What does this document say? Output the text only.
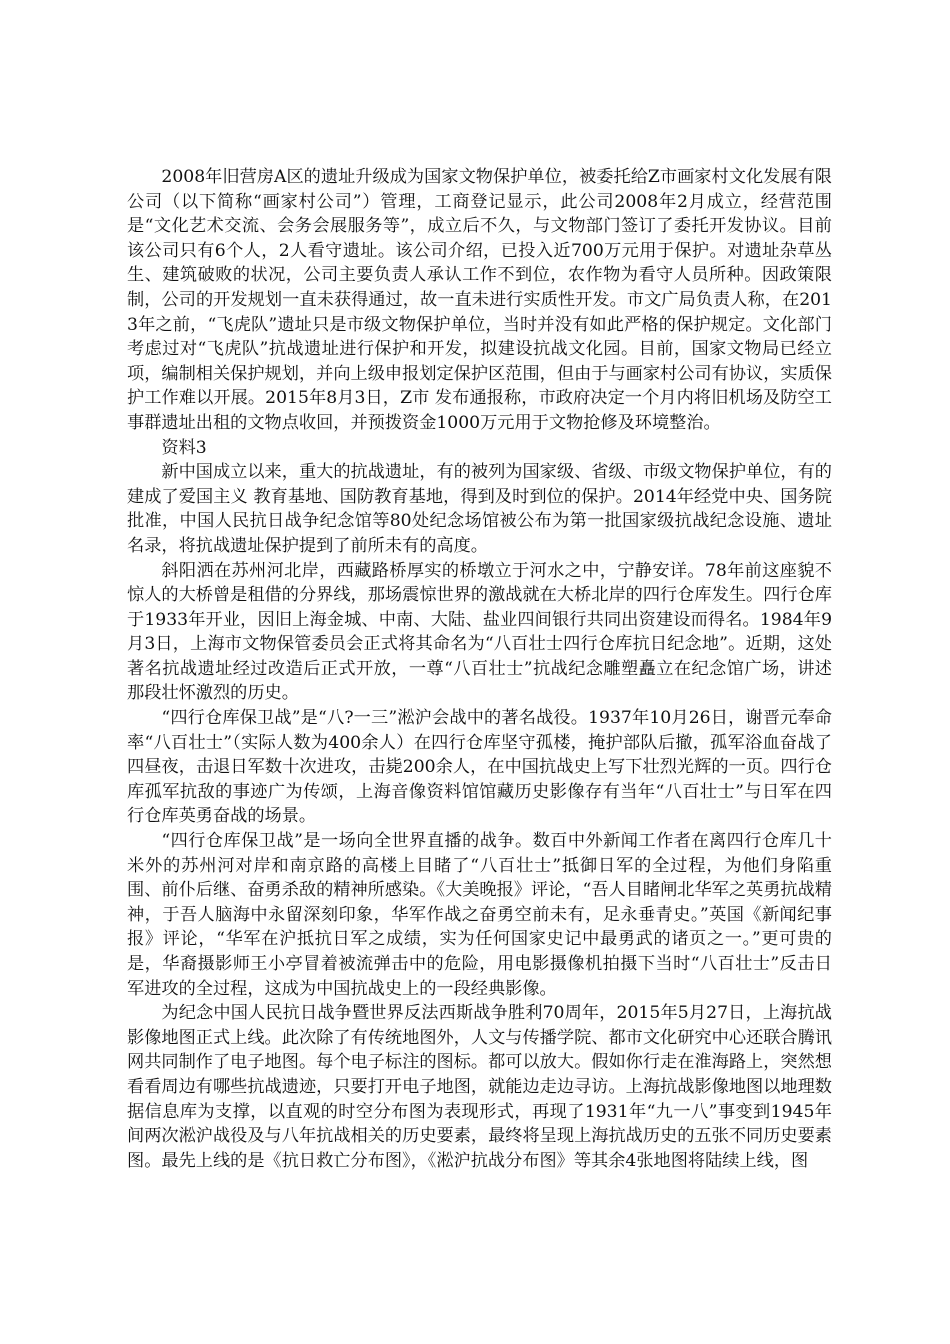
2008年旧营房A区的遗址升级成为国家文物保护单位，被委托给Z市画家村文化发展有限公司（以下简称“画家村公司”）管理，工商登记显示，此公司2008年2月成立，经营范围是“文化艺术交流、会务会展服务等”，成立后不久，与文物部门签订了委托开发协议。目前该公司只有6个人，2人看守遗址。该公司介绍，已投入近700万元用于保护。对遗址杂草丛生、建筑破败的状况，公司主要负责人承认工作不到位，农作物为看守人员所种。因政策限制，公司的开发规划一直未获得通过，故一直未进行实质性开发。市文广局负责人称，在2013年之前，“飞虎队”遗址只是市级文物保护单位，当时并没有如此严格的保护规定。文化部门考虑过对“飞虎队”抗战遗址进行保护和开发，拟建设抗战文化园。目前，国家文物局已经立项，编制相关保护规划，并向上级申报划定保护区范围，但由于与画家村公司有协议，实质保护工作难以开展。2015年8月3日，Z市 发布通报称，市政府决定一个月内将旧机场及防空工事群遗址出租的文物点收回，并预拨资金1000万元用于文物抢修及环境整治。

资料3

新中国成立以来，重大的抗战遗址，有的被列为国家级、省级、市级文物保护单位，有的建成了爱国主义 教育基地、国防教育基地，得到及时到位的保护。2014年经党中央、国务院批准，中国人民抗日战争纪念馆等80处纪念场馆被公布为第一批国家级抗战纪念设施、遗址名录，将抗战遗址保护提到了前所未有的高度。

斜阳洒在苏州河北岸，西藏路桥厚实的桥墩立于河水之中，宁静安详。78年前这座貌不惊人的大桥曾是租借的分界线，那场震惊世界的激战就在大桥北岸的四行仓库发生。四行仓库于1933年开业，因旧上海金城、中南、大陆、盐业四间银行共同出资建设而得名。1984年9月3日，上海市文物保管委员会正式将其命名为“八百壮士四行仓库抗日纪念地”。近期，这处著名抗战遗址经过改造后正式开放，一尊“八百壮士”抗战纪念雕塑矗立在纪念馆广场，讲述那段壮怀激烈的历史。

“四行仓库保卫战”是“八?一三”淞沪会战中的著名战役。1937年10月26日，谢晋元奉命率“八百壮士”（实际人数为400余人）在四行仓库坚守孤楼，掩护部队后撤，孤军浴血奋战了四昼夜，击退日军数十次进攻，击毙200余人，在中国抗战史上写下壮烈光辉的一页。四行仓库孤军抗敌的事迹广为传颂，上海音像资料馆馆藏历史影像存有当年“八百壮士”与日军在四行仓库英勇奋战的场景。

“四行仓库保卫战”是一场向全世界直播的战争。数百中外新闻工作者在离四行仓库几十米外的苏州河对岸和南京路的高楼上目睹了“八百壮士”抵御日军的全过程，为他们身陷重围、前仆后继、奋勇杀敌的精神所感染。《大美晚报》评论，“吾人目睹闸北华军之英勇抗战精神，于吾人脑海中永留深刻印象，华军作战之奋勇空前未有，足永垂青史。”英国《新闻纪事报》评论，“华军在沪抵抗日军之成绩，实为任何国家史记中最勇武的诸页之一。”更可贵的是，华裔摄影师王小亭冒着被流弹击中的危险，用电影摄像机拍摄下当时“八百壮士”反击日军进攻的全过程，这成为中国抗战史上的一段经典影像。

为纪念中国人民抗日战争暨世界反法西斯战争胜利70周年，2015年5月27日，上海抗战影像地图正式上线。此次除了有传统地图外，人文与传播学院、都市文化研究中心还联合腾讯网共同制作了电子地图。每个电子标注的图标。都可以放大。假如你行走在淮海路上，突然想看看周边有哪些抗战遗迹，只要打开电子地图，就能边走边寻访。上海抗战影像地图以地理数据信息库为支撑，以直观的时空分布图为表现形式，再现了1931年“九一八”事变到1945年间两次淞沪战役及与八年抗战相关的历史要素，最终将呈现上海抗战历史的五张不同历史要素图。最先上线的是《抗日救亡分布图》，《淞沪抗战分布图》等其余4张地图将陆续上线，图
